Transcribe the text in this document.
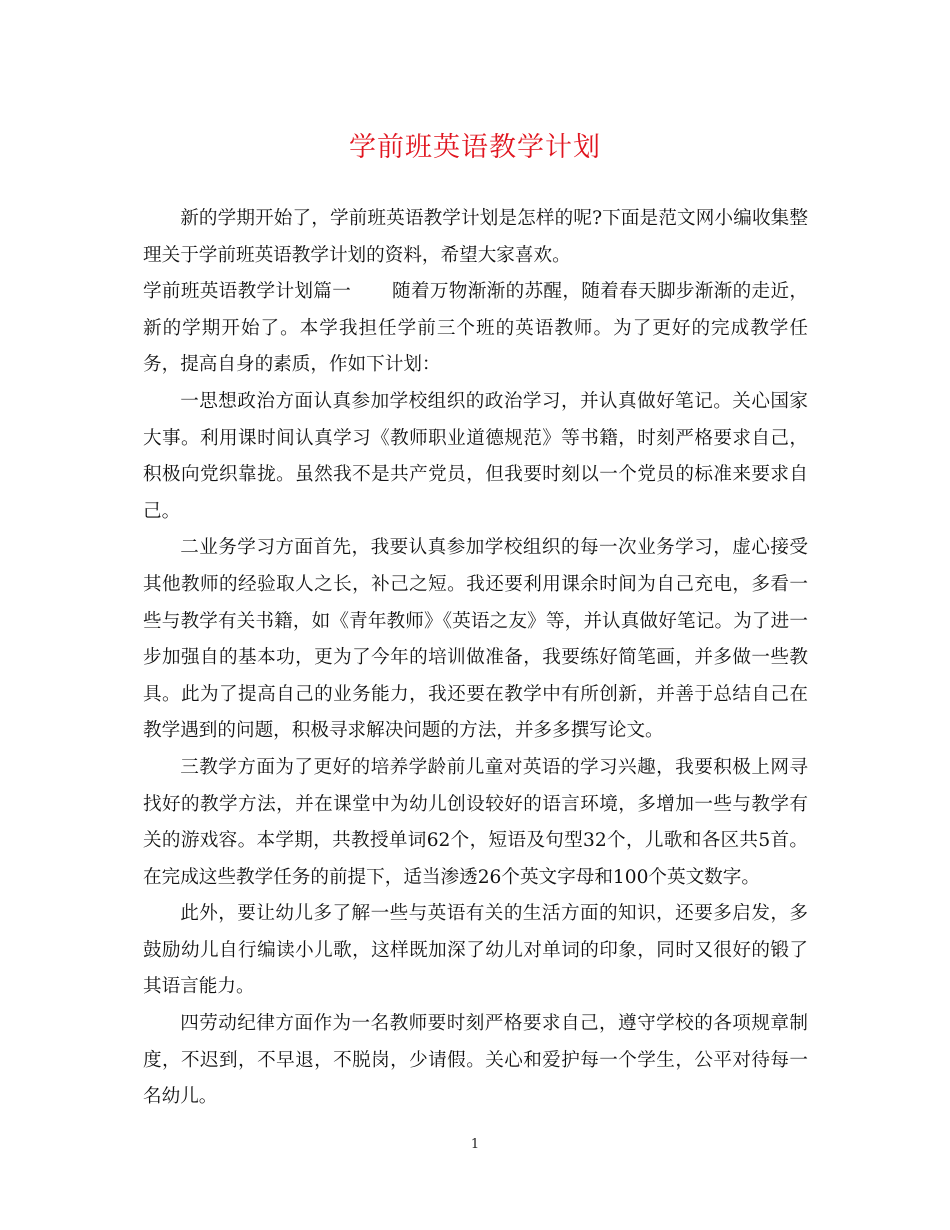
学前班英语教学计划

新的学期开始了，学前班英语教学计划是怎样的呢?下面是范文网小编收集整理关于学前班英语教学计划的资料，希望大家喜欢。

学前班英语教学计划篇一 随着万物渐渐的苏醒，随着春天脚步渐渐的走近，新的学期开始了。本学我担任学前三个班的英语教师。为了更好的完成教学任务，提高自身的素质，作如下计划：

一思想政治方面认真参加学校组织的政治学习，并认真做好笔记。关心国家大事。利用课时间认真学习《教师职业道德规范》等书籍，时刻严格要求自己，积极向党织靠拢。虽然我不是共产党员，但我要时刻以一个党员的标准来要求自己。

二业务学习方面首先，我要认真参加学校组织的每一次业务学习，虚心接受其他教师的经验取人之长，补己之短。我还要利用课余时间为自己充电，多看一些与教学有关书籍，如《青年教师》《英语之友》等，并认真做好笔记。为了进一步加强自的基本功，更为了今年的培训做准备，我要练好简笔画，并多做一些教具。此为了提高自己的业务能力，我还要在教学中有所创新，并善于总结自己在教学遇到的问题，积极寻求解决问题的方法，并多多撰写论文。

三教学方面为了更好的培养学龄前儿童对英语的学习兴趣，我要积极上网寻找好的教学方法，并在课堂中为幼儿创设较好的语言环境，多增加一些与教学有关的游戏容。本学期，共教授单词62个，短语及句型32个，儿歌和各区共5首。在完成这些教学任务的前提下，适当渗透26个英文字母和100个英文数字。

此外，要让幼儿多了解一些与英语有关的生活方面的知识，还要多启发，多鼓励幼儿自行编读小儿歌，这样既加深了幼儿对单词的印象，同时又很好的锻了其语言能力。

四劳动纪律方面作为一名教师要时刻严格要求自己，遵守学校的各项规章制度，不迟到，不早退，不脱岗，少请假。关心和爱护每一个学生，公平对待每一名幼儿。

1
